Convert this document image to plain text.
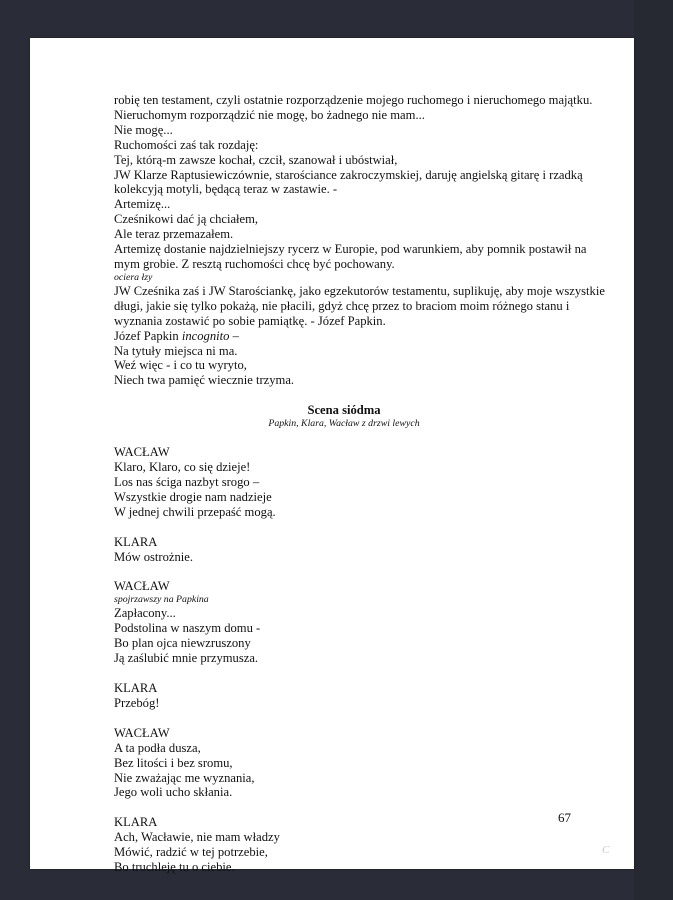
robię ten testament, czyli ostatnie rozporządzenie mojego ruchomego i nieruchomego majątku.
Nieruchomym rozporządzić nie mogę, bo żadnego nie mam...
Nie mogę...
Ruchomości zaś tak rozdaję:
Tej, którą-m zawsze kochał, czcił, szanował i ubóstwiał,
JW Klarze Raptusiewiczównie, starościance zakroczymskiej, daruję angielską gitarę i rzadką
kolekcyją motyli, będącą teraz w zastawie. -
Artemizę...
Cześnikowi dać ją chciałem,
Ale teraz przemazałem.
Artemizę dostanie najdzielniejszy rycerz w Europie, pod warunkiem, aby pomnik postawił na
mym grobie. Z resztą ruchomości chcę być pochowany.
ociera łzy
JW Cześnika zaś i JW Starościankę, jako egzekutorów testamentu, suplikuję, aby moje wszystkie
długi, jakie się tylko pokażą, nie płacili, gdyż chcę przez to braciom moim różnego stanu i
wyznania zostawić po sobie pamiątkę. - Józef Papkin.
Józef Papkin incognito –
Na tytuły miejsca ni ma.
Weź więc - i co tu wyryto,
Niech twa pamięć wiecznie trzyma.
Scena siódma
Papkin, Klara, Wacław z drzwi lewych
WACŁAW
Klaro, Klaro, co się dzieje!
Los nas ściga nazbyt srogo –
Wszystkie drogie nam nadzieje
W jednej chwili przepaść mogą.
KLARA
Mów ostrożnie.
WACŁAW
spojrzawszy na Papkina
Zapłacony...
Podstolina w naszym domu -
Bo plan ojca niewzruszony
Ją zaślubić mnie przymusza.
KLARA
Przebóg!
WACŁAW
A ta podła dusza,
Bez litości i bez sromu,
Nie zważając me wyznania,
Jego woli ucho skłania.
KLARA
Ach, Wacławie, nie mam władzy
Mówić, radzić w tej potrzebie,
Bo truchleję tu o ciebie.
67
C
